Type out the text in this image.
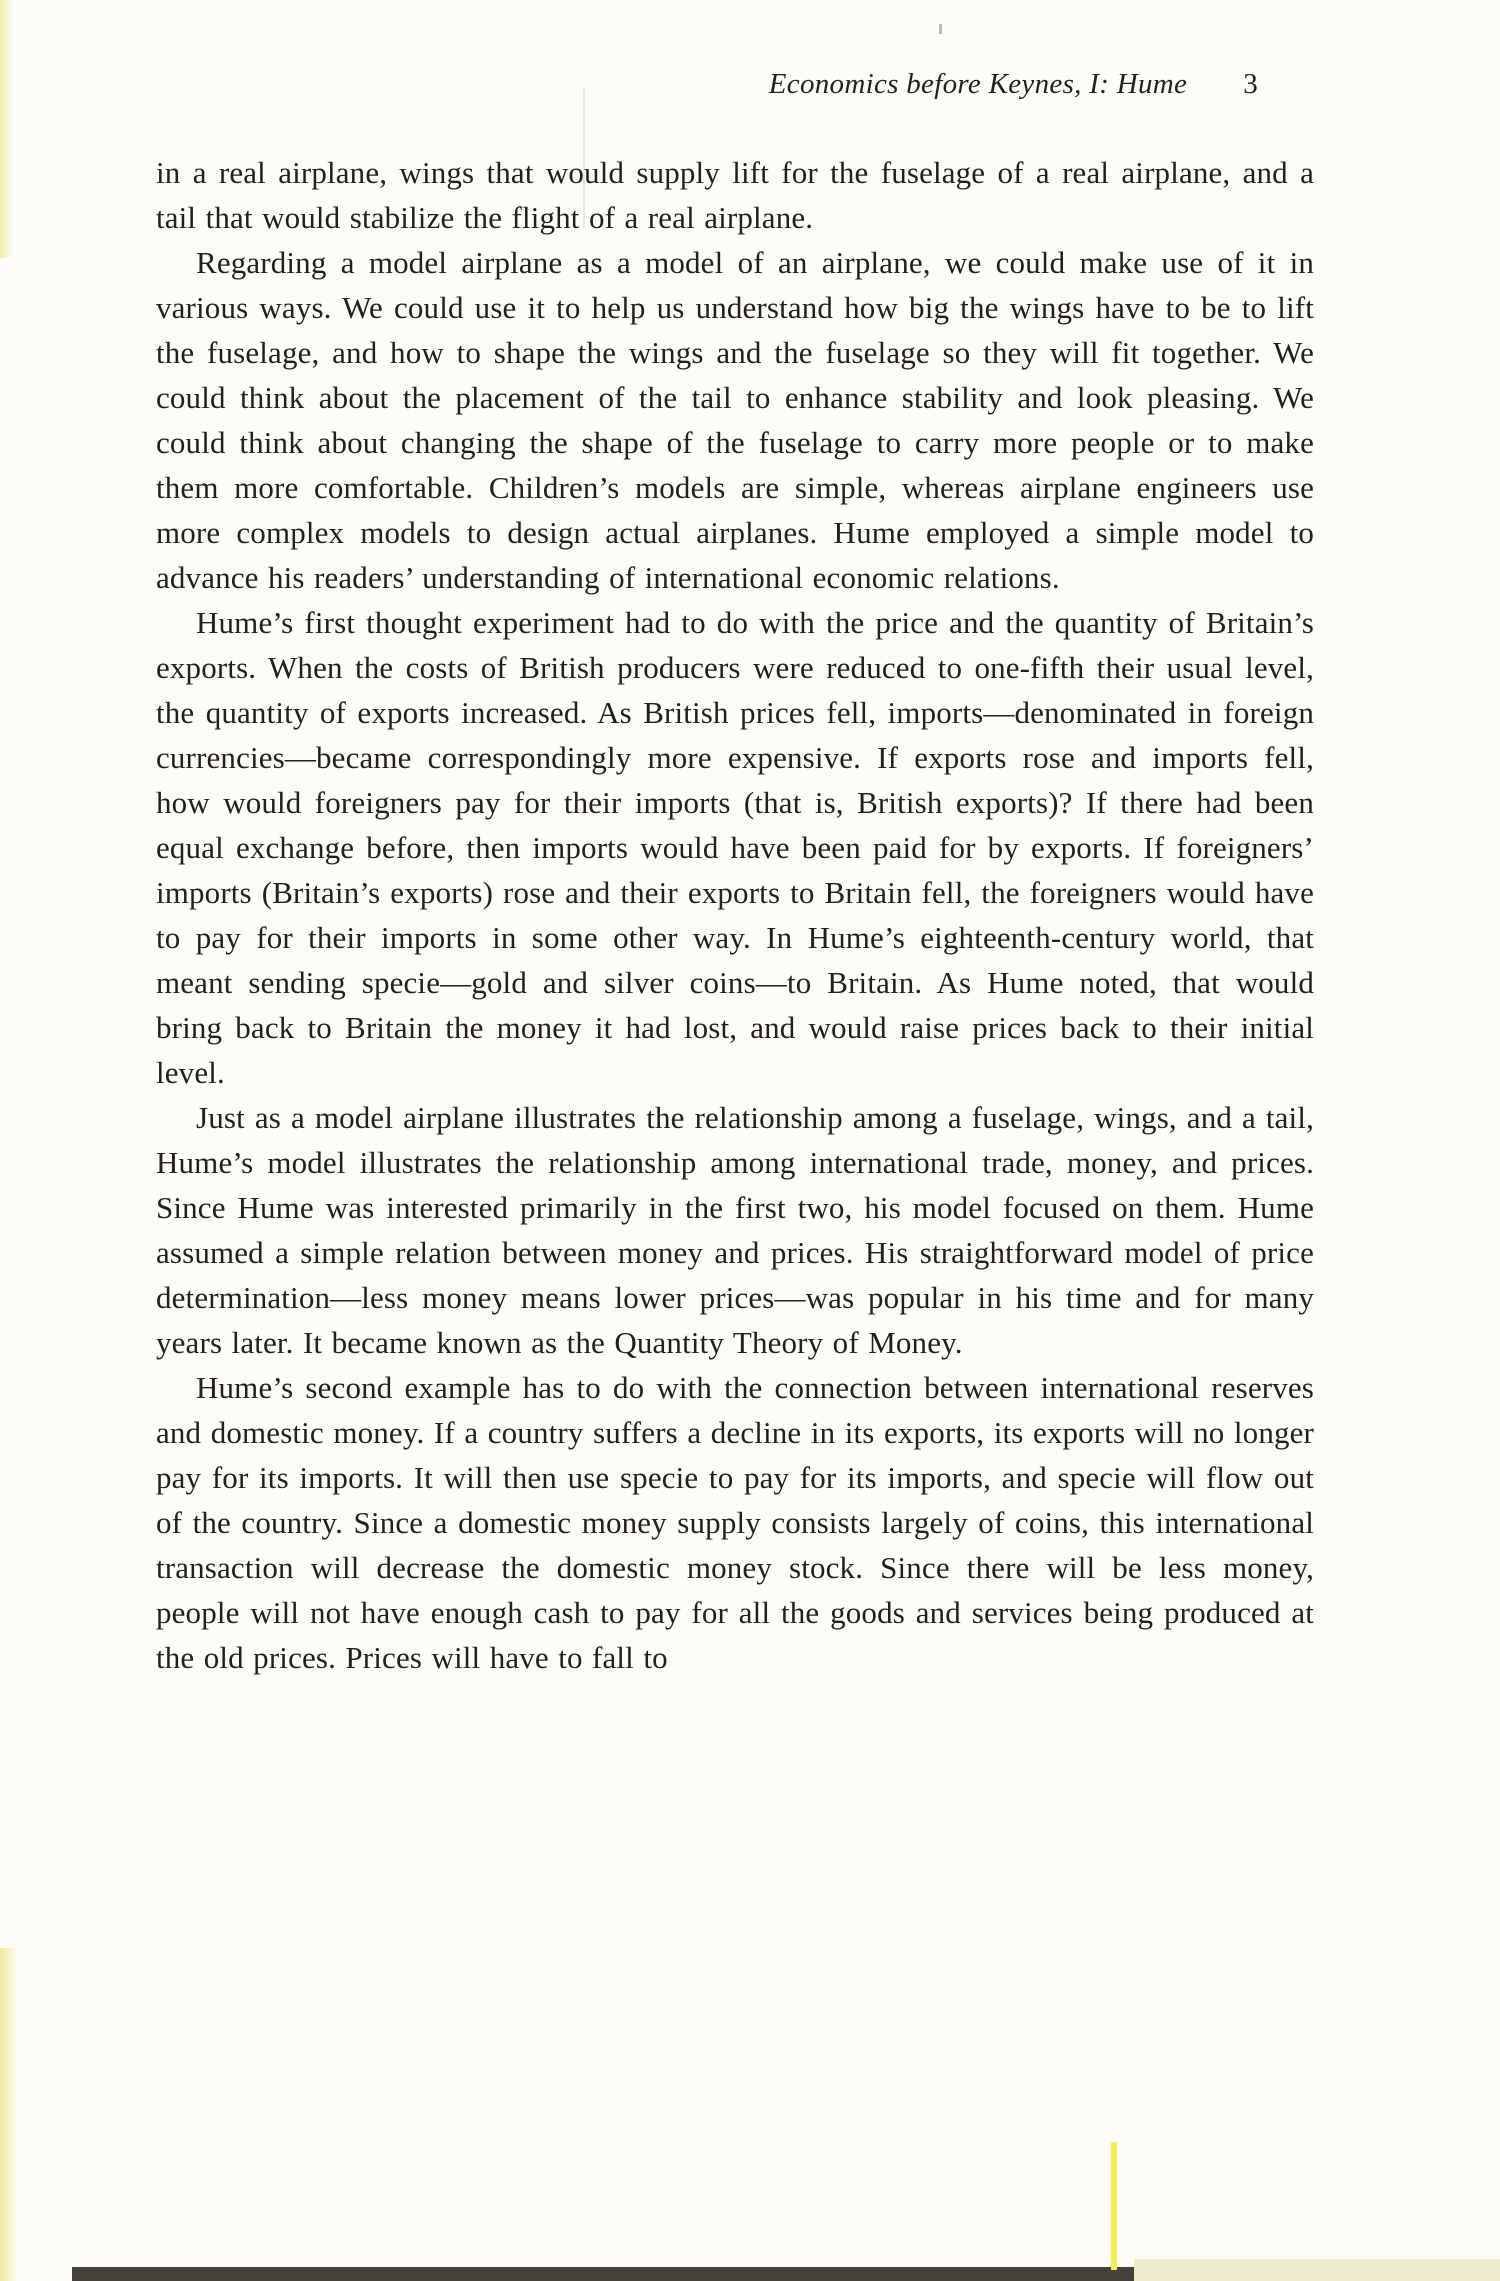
Economics before Keynes, I: Hume 3

in a real airplane, wings that would supply lift for the fuselage of a real airplane, and a tail that would stabilize the flight of a real airplane.

Regarding a model airplane as a model of an airplane, we could make use of it in various ways. We could use it to help us understand how big the wings have to be to lift the fuselage, and how to shape the wings and the fuselage so they will fit together. We could think about the placement of the tail to enhance stability and look pleasing. We could think about changing the shape of the fuselage to carry more people or to make them more comfortable. Children’s models are simple, whereas airplane engineers use more complex models to design actual airplanes. Hume employed a simple model to advance his readers’ understanding of international economic relations.

Hume’s first thought experiment had to do with the price and the quantity of Britain’s exports. When the costs of British producers were reduced to one-fifth their usual level, the quantity of exports increased. As British prices fell, imports—denominated in foreign currencies—became correspondingly more expensive. If exports rose and imports fell, how would foreigners pay for their imports (that is, British exports)? If there had been equal exchange before, then imports would have been paid for by exports. If foreigners’ imports (Britain’s exports) rose and their exports to Britain fell, the foreigners would have to pay for their imports in some other way. In Hume’s eighteenth-century world, that meant sending specie—gold and silver coins—to Britain. As Hume noted, that would bring back to Britain the money it had lost, and would raise prices back to their initial level.

Just as a model airplane illustrates the relationship among a fuselage, wings, and a tail, Hume’s model illustrates the relationship among international trade, money, and prices. Since Hume was interested primarily in the first two, his model focused on them. Hume assumed a simple relation between money and prices. His straightforward model of price determination—less money means lower prices—was popular in his time and for many years later. It became known as the Quantity Theory of Money.

Hume’s second example has to do with the connection between international reserves and domestic money. If a country suffers a decline in its exports, its exports will no longer pay for its imports. It will then use specie to pay for its imports, and specie will flow out of the country. Since a domestic money supply consists largely of coins, this international transaction will decrease the domestic money stock. Since there will be less money, people will not have enough cash to pay for all the goods and services being produced at the old prices. Prices will have to fall to
